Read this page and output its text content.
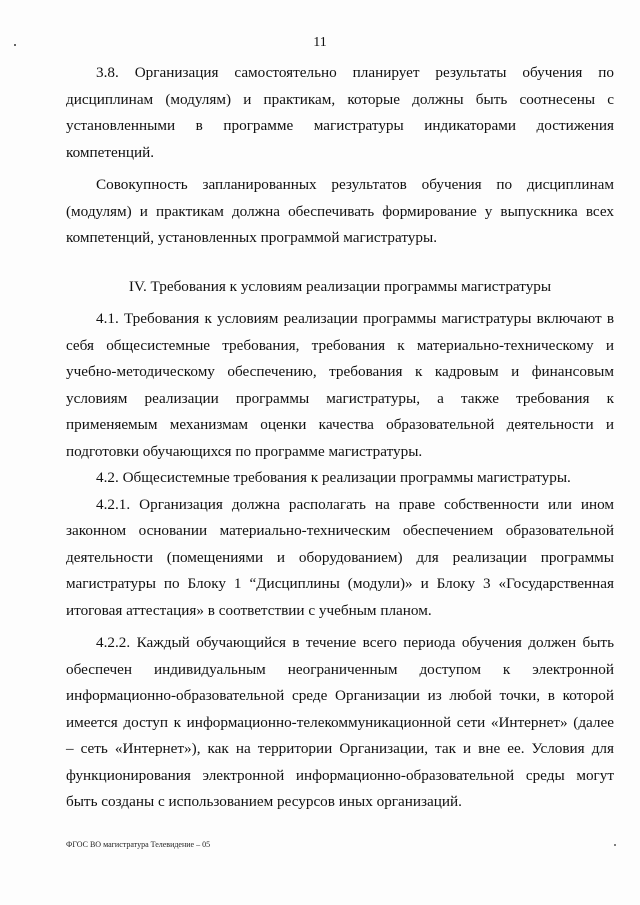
11

3.8. Организация самостоятельно планирует результаты обучения по дисциплинам (модулям) и практикам, которые должны быть соотнесены с установленными в программе магистратуры индикаторами достижения компетенций.

Совокупность запланированных результатов обучения по дисциплинам (модулям) и практикам должна обеспечивать формирование у выпускника всех компетенций, установленных программой магистратуры.

IV. Требования к условиям реализации программы магистратуры

4.1. Требования к условиям реализации программы магистратуры включают в себя общесистемные требования, требования к материально-техническому и учебно-методическому обеспечению, требования к кадровым и финансовым условиям реализации программы магистратуры, а также требования к применяемым механизмам оценки качества образовательной деятельности и подготовки обучающихся по программе магистратуры.

4.2. Общесистемные требования к реализации программы магистратуры.

4.2.1. Организация должна располагать на праве собственности или ином законном основании материально-техническим обеспечением образовательной деятельности (помещениями и оборудованием) для реализации программы магистратуры по Блоку 1 “Дисциплины (модули)» и Блоку 3 «Государственная итоговая аттестация» в соответствии с учебным планом.

4.2.2. Каждый обучающийся в течение всего периода обучения должен быть обеспечен индивидуальным неограниченным доступом к электронной информационно-образовательной среде Организации из любой точки, в которой имеется доступ к информационно-телекоммуникационной сети «Интернет» (далее – сеть «Интернет»), как на территории Организации, так и вне ее. Условия для функционирования электронной информационно-образовательной среды могут быть созданы с использованием ресурсов иных организаций.

ФГОС ВО магистратура Телевидение – 05
